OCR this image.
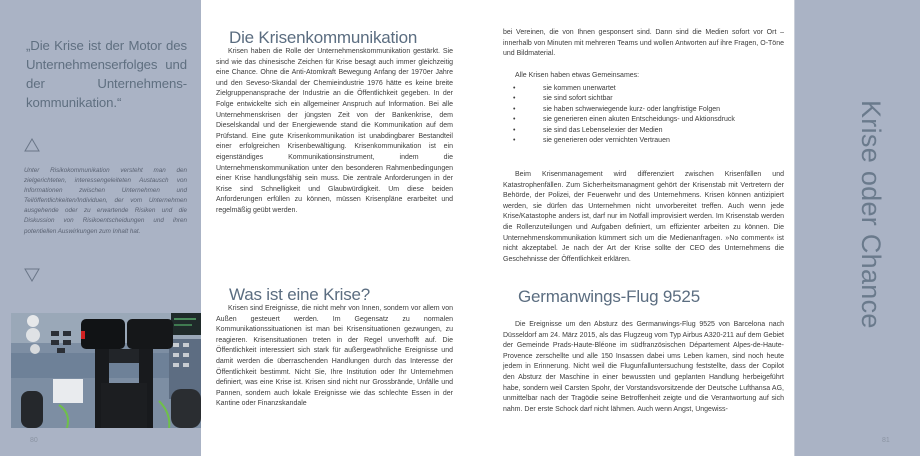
„Die Krise ist der Motor des Unternehmenserfolges und der Unternehmens-kommunikation.“

Unter Risikokommunikation versteht man den zielgerichteten, interessengeleiteten Austausch von Informationen zwischen Unternehmen und Teilöffentlichkeiten/Individuen, der vom Unternehmen ausgehende oder zu erwartende Risiken und die Diskussion von Risikoentscheidungen und ihren potentiellen Auswirkungen zum Inhalt hat.

80
Die Krisenkommunikation

Krisen haben die Rolle der Unternehmenskommunikation gestärkt. Sie sind wie das chinesische Zeichen für Krise besagt auch immer gleichzeitig eine Chance. Ohne die Anti-Atomkraft Bewegung Anfang der 1970er Jahre und den Seveso-Skandal der Chemieindustrie 1976 hätte es keine breite Zielgruppenansprache der Industrie an die Öffentlichkeit gegeben. In der Folge entwickelte sich ein allgemeiner Anspruch auf Information. Bei alle Unternehmenskrisen der jüngsten Zeit von der Bankenkrise, dem Dieselskandal und der Energiewende stand die Kommunikation auf dem Prüfstand. Eine gute Krisenkommunikation ist unabdingbarer Bestandteil einer erfolgreichen Krisenbewältigung. Krisenkommunikation ist ein eigenständiges Kommunikationsinstrument, indem die Unternehmenskommunikation unter den besonderen Rahmenbedingungen einer Krise handlungsfähig sein muss. Die zentrale Anforderungen in der Krise sind Schnelligkeit und Glaubwürdigkeit. Um diese beiden Anforderungen erfüllen zu können, müssen Krisenpläne erarbeitet und regelmäßig geübt werden.

Was ist eine Krise?

Krisen sind Ereignisse, die nicht mehr von Innen, sondern vor allem von Außen gesteuert werden. Im Gegensatz zu normalen Kommunikationssituationen ist man bei Krisensituationen gezwungen, zu reagieren. Krisensituationen treten in der Regel unverhofft auf. Die Öffentlichkeit interessiert sich stark für außergewöhnliche Ereignisse und damit werden die überraschenden Handlungen durch das Interesse der Öffentlichkeit bestimmt. Nicht Sie, Ihre Institution oder Ihr Unternehmen definiert, was eine Krise ist. Krisen sind nicht nur Grossbrände, Unfälle und Pannen, sondern auch lokale Ereignisse wie das schlechte Essen in der Kantine oder Finanzskandale

bei Vereinen, die von Ihnen gesponsert sind. Dann sind die Medien sofort vor Ort – innerhalb von Minuten mit mehreren Teams und wollen Antworten auf ihre Fragen, O-Töne und Bildmaterial.

Alle Krisen haben etwas Gemeinsames:

•	sie kommen unerwartet
•	sie sind sofort sichtbar
•	sie haben schwerwiegende kurz- oder langfristige Folgen
•	sie generieren einen akuten Entscheidungs- und Aktionsdruck
•	sie sind das Lebenselexier der Medien
•	sie generieren oder vernichten Vertrauen

Beim Krisenmanagement wird differenziert zwischen Krisenfällen und Katastrophenfällen. Zum Sicherheitsmanagment gehört der Krisenstab mit Vertretern der Behörde, der Polizei, der Feuerwehr und des Unternehmens. Krisen können antizipiert werden, sie dürfen das Unternehmen nicht unvorbereitet treffen. Auch wenn jede Krise/Katastophe anders ist, darf nur im Notfall improvisiert werden. Im Krisenstab werden die Rollenzuteilungen und Aufgaben definiert, um effizienter arbeiten zu können. Die Unternehmenskommunikation kümmert sich um die Medienanfragen. »No comment« ist nicht akzeptabel. Je nach der Art der Krise sollte der CEO des Unternehmens die Geschehnisse der Öffentlichkeit erklären.

Germanwings-Flug 9525

Die Ereignisse um den Absturz des Germanwings-Flug 9525 von Barcelona nach Düsseldorf am 24. März 2015, als das Flugzeug vom Typ Airbus A320-211 auf dem Gebiet der Gemeinde Prads-Haute-Bléone im südfranzösischen Département Alpes-de-Haute-Provence zerschellte und alle 150 Insassen dabei ums Leben kamen, sind noch heute jedem in Erinnerung. Nicht weil die Flugunfalluntersuchung feststellte, dass der Copilot den Absturz der Maschine in einer bewussten und geplanten Handlung herbeigeführt habe, sondern weil Carsten Spohr, der Vorstandsvorsitzende der Deutsche Lufthansa AG, unmittelbar nach der Tragödie seine Betroffenheit zeigte und die Verantwortung auf sich nahm. Der erste Schock darf nicht lähmen. Auch wenn Angst, Ungewiss-

Krise oder Chance
81
